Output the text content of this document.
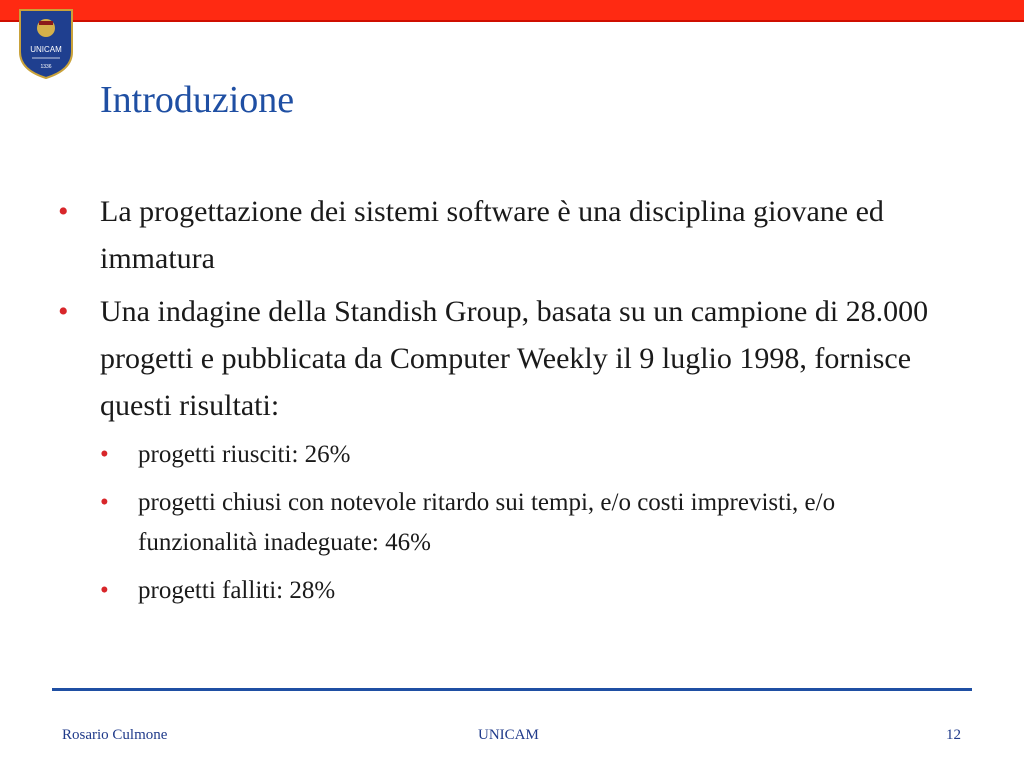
UNICAM
1336
Introduzione
• La progettazione dei sistemi software è una disciplina giovane ed immatura
• Una indagine della Standish Group, basata su un campione di 28.000 progetti e pubblicata da Computer Weekly il 9 luglio 1998, fornisce questi risultati:
• progetti riusciti: 26%
• progetti chiusi con notevole ritardo sui tempi, e/o costi imprevisti, e/o funzionalità inadeguate: 46%
• progetti falliti: 28%
Rosario Culmone	UNICAM	12
